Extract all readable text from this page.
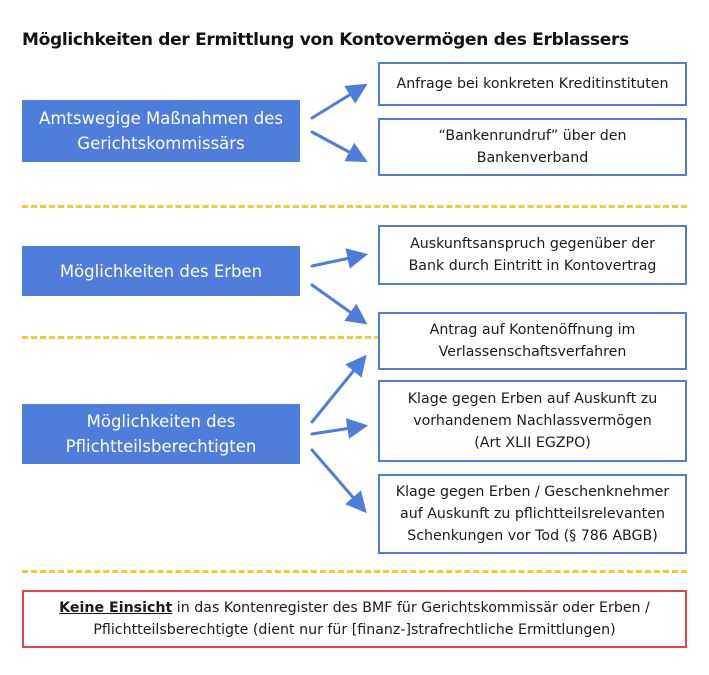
Möglichkeiten der Ermittlung von Kontovermögen des Erblassers
Amtswegige Maßnahmen des
Gerichtskommissärs
Anfrage bei konkreten Kreditinstituten
“Bankenrundruf” über den
Bankenverband
Möglichkeiten des Erben
Auskunftsanspruch gegenüber der
Bank durch Eintritt in Kontovertrag
Antrag auf Kontenöffnung im
Verlassenschaftsverfahren
Möglichkeiten des
Pflichtteilsberechtigten
Klage gegen Erben auf Auskunft zu
vorhandenem Nachlassvermögen
(Art XLII EGZPO)
Klage gegen Erben / Geschenknehmer
auf Auskunft zu pflichtteilsrelevanten
Schenkungen vor Tod (§ 786 ABGB)
Keine Einsicht in das Kontenregister des BMF für Gerichtskommissär oder Erben /
Pflichtteilsberechtigte (dient nur für [finanz-]strafrechtliche Ermittlungen)
